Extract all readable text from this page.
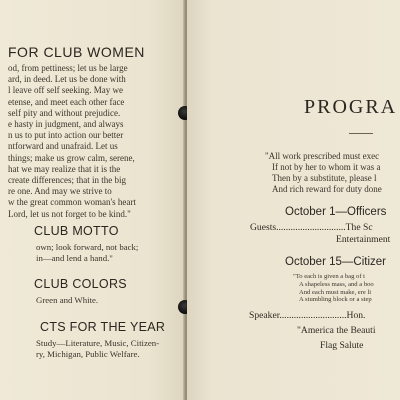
FOR CLUB WOMEN
od, from pettiness; let us be large
ard, in deed. Let us be done with
l leave off self seeking. May we
etense, and meet each other face
self pity and without prejudice.
e hasty in judgment, and always
n us to put into action our better
ntforward and unafraid. Let us
things; make us grow calm, serene,
hat we may realize that it is the
create differences; that in the big
re one. And may we strive to
w the great common woman's heart
Lord, let us not forget to be kind."
CLUB MOTTO
own; look forward, not back;
in—and lend a hand."
CLUB COLORS
Green and White.
CTS FOR THE YEAR
Study—Literature, Music, Citizen-
ry, Michigan, Public Welfare.
PROGRA
"All work prescribed must exec
If not by her to whom it was a
Then by a substitute, please l
And rich reward for duty done
October 1—Officers
Guests.............................The Sc
Entertainment
October 15—Citizer
"To each is given a bag of t
A shapeless mass, and a boo
And each must make, ere li
A stumbling block or a step
Speaker............................Hon.
"America the Beauti
Flag Salute
